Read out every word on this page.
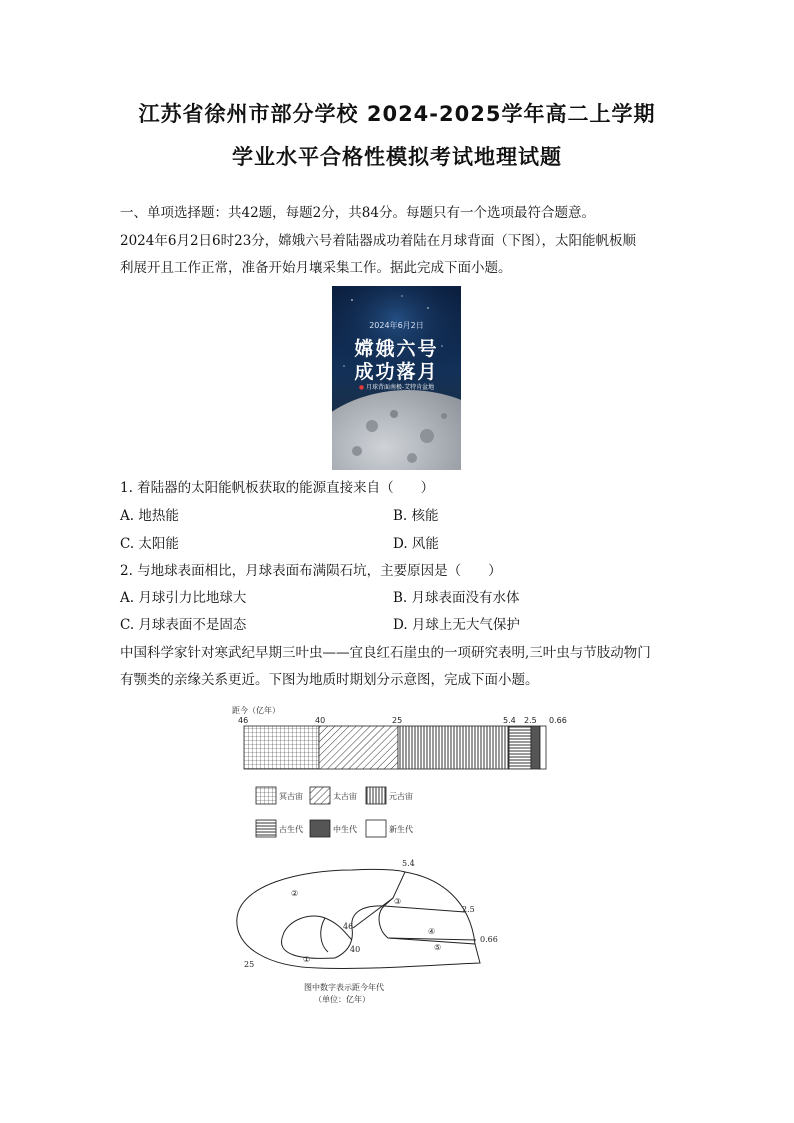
江苏省徐州市部分学校 2024-2025学年高二上学期
学业水平合格性模拟考试地理试题
一、单项选择题：共42题，每题2分，共84分。每题只有一个选项最符合题意。
2024年6月2日6时23分，嫦娥六号着陆器成功着陆在月球背面（下图），太阳能帆板顺
利展开且工作正常，准备开始月壤采集工作。据此完成下面小题。
2024年6月2日
嫦娥六号
成功落月
● 月球背面南极-艾特肯盆地
1. 着陆器的太阳能帆板获取的能源直接来自（　　）
A. 地热能	B. 核能
C. 太阳能	D. 风能
2. 与地球表面相比，月球表面布满陨石坑，主要原因是（　　）
A. 月球引力比地球大	B. 月球表面没有水体
C. 月球表面不是固态	D. 月球上无大气保护
中国科学家针对寒武纪早期三叶虫——宜良红石崖虫的一项研究表明,三叶虫与节肢动物门
有颚类的亲缘关系更近。下图为地质时期划分示意图，完成下面小题。
距今（亿年）
46	40	25	5.4 2.5 0.66
冥古宙	太古宙	元古宙
古生代	中生代	新生代
5.4
2.5
0.66
46
40
25
②
③
④
⑤
①
图中数字表示距今年代
（单位：亿年）
